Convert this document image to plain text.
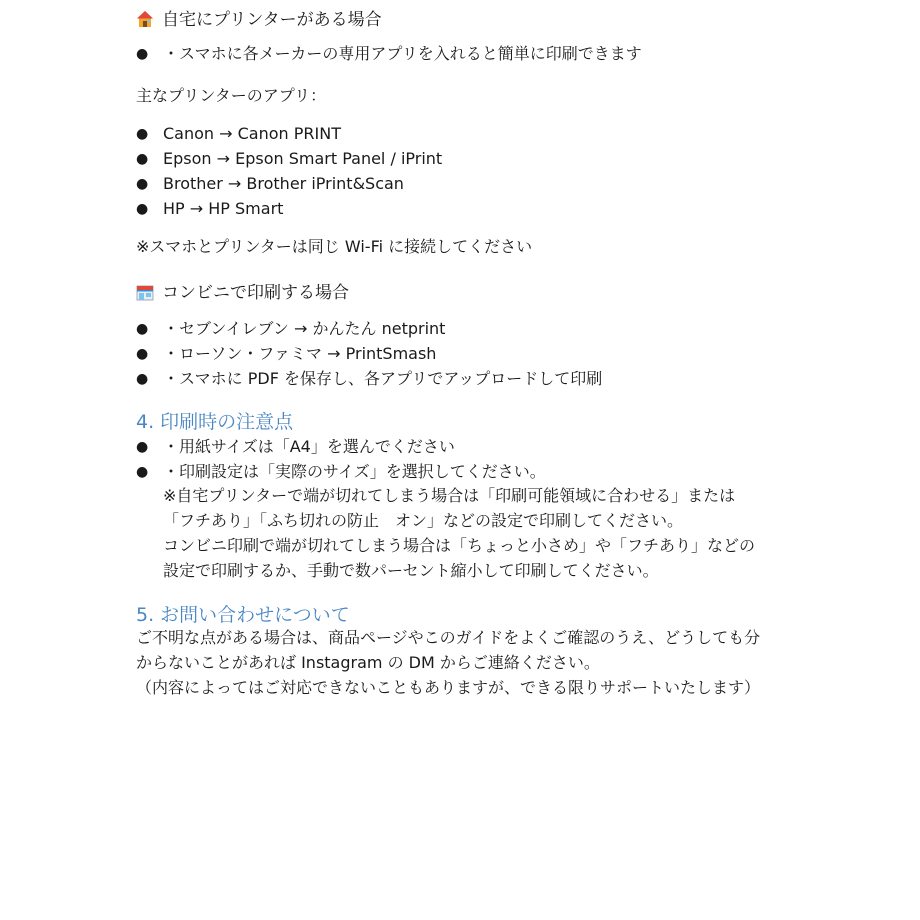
自宅にプリンターがある場合
● ・スマホに各メーカーの専用アプリを入れると簡単に印刷できます
主なプリンターのアプリ：
● Canon → Canon PRINT
● Epson → Epson Smart Panel / iPrint
● Brother → Brother iPrint&Scan
● HP → HP Smart
※スマホとプリンターは同じ Wi-Fi に接続してください
コンビニで印刷する場合
● ・セブンイレブン → かんたん netprint
● ・ローソン・ファミマ → PrintSmash
● ・スマホに PDF を保存し、各アプリでアップロードして印刷
4. 印刷時の注意点
● ・用紙サイズは「A4」を選んでください
● ・印刷設定は「実際のサイズ」を選択してください。
※自宅プリンターで端が切れてしまう場合は「印刷可能領域に合わせる」または
「フチあり」「ふち切れの防止　オン」などの設定で印刷してください。
コンビニ印刷で端が切れてしまう場合は「ちょっと小さめ」や「フチあり」などの
設定で印刷するか、手動で数パーセント縮小して印刷してください。
5. お問い合わせについて
ご不明な点がある場合は、商品ページやこのガイドをよくご確認のうえ、どうしても分
からないことがあれば Instagram の DM からご連絡ください。
（内容によってはご対応できないこともありますが、できる限りサポートいたします）
